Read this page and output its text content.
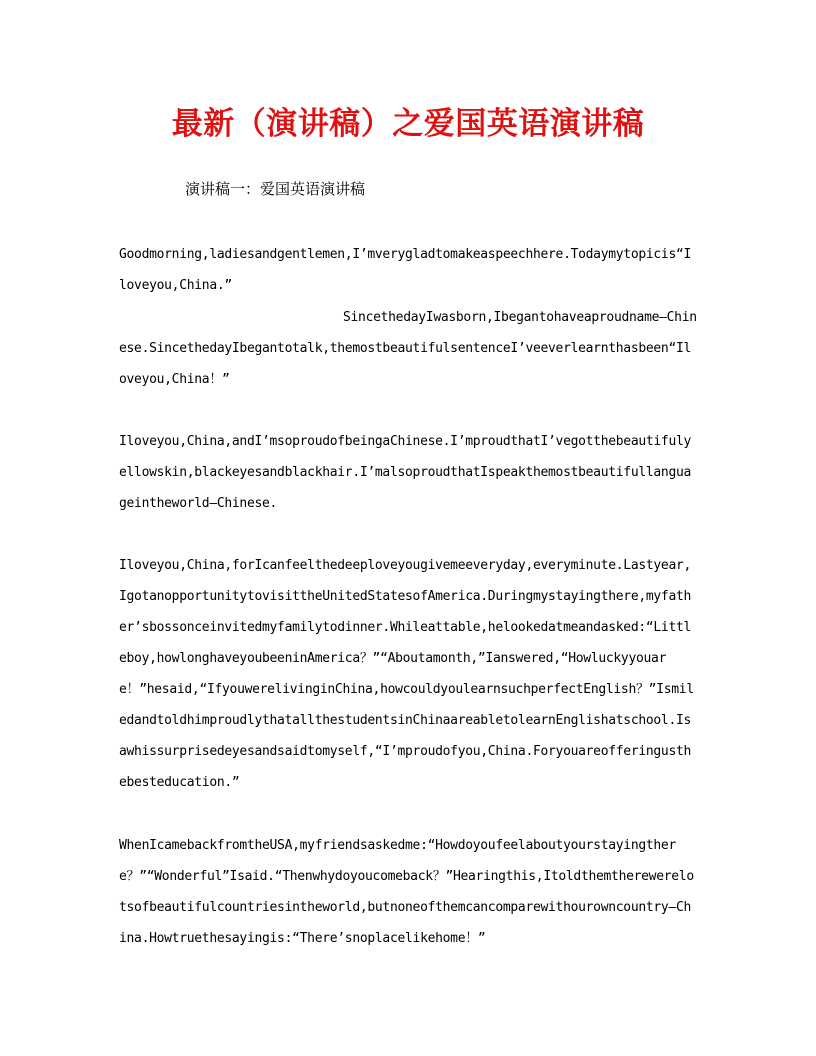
最新（演讲稿）之爱国英语演讲稿
演讲稿一：爱国英语演讲稿

Goodmorning,ladiesandgentlemen,I’mverygladtomakeaspeechhere.Todaymytopicis“Iloveyou,China.”

SincethedayIwasborn,Ibegantohaveaproudname—Chinese.SincethedayIbegantotalk,themostbeautifulsentenceI’veeverlearnthasbeen“Iloveyou,China！”

Iloveyou,China,andI’msoproudofbeingaChinese.I’mproudthatI’vegotthebeautifulyellowskin,blackeyesandblackhair.I’malsoproudthatIspeakthemostbeautifullanguageintheworld—Chinese.

Iloveyou,China,forIcanfeelthedeeploveyougivemeeveryday,everyminute.Lastyear,IgotanopportunitytovisittheUnitedStatesofAmerica.Duringmystayingthere,myfather’sbossonceinvitedmyfamilytodinner.Whileattable,helookedatmeandasked:“Littleboy,howlonghaveyoubeeninAmerica？”“Aboutamonth,”Ianswered,“Howluckyyouare！”hesaid,“IfyouwerelivinginChina,howcouldyoulearnsuchperfectEnglish？”IsmiledandtoldhimproudlythatallthestudentsinChinaareabletolearnEnglishatschool.Isawhissurprisedeyesandsaidtomyself,“I’mproudofyou,China.Foryouareofferingusthebesteducation.”

WhenIcamebackfromtheUSA,myfriendsaskedme:“Howdoyoufeelaboutyourstayingthere？”“Wonderful”Isaid.“Thenwhydoyoucomeback？”Hearingthis,Itoldthemtherewerelotsofbeautifulcountriesintheworld,butnoneofthemcancomparewithourowncountry—China.Howtruethesayingis:“There’snoplacelikehome！”
